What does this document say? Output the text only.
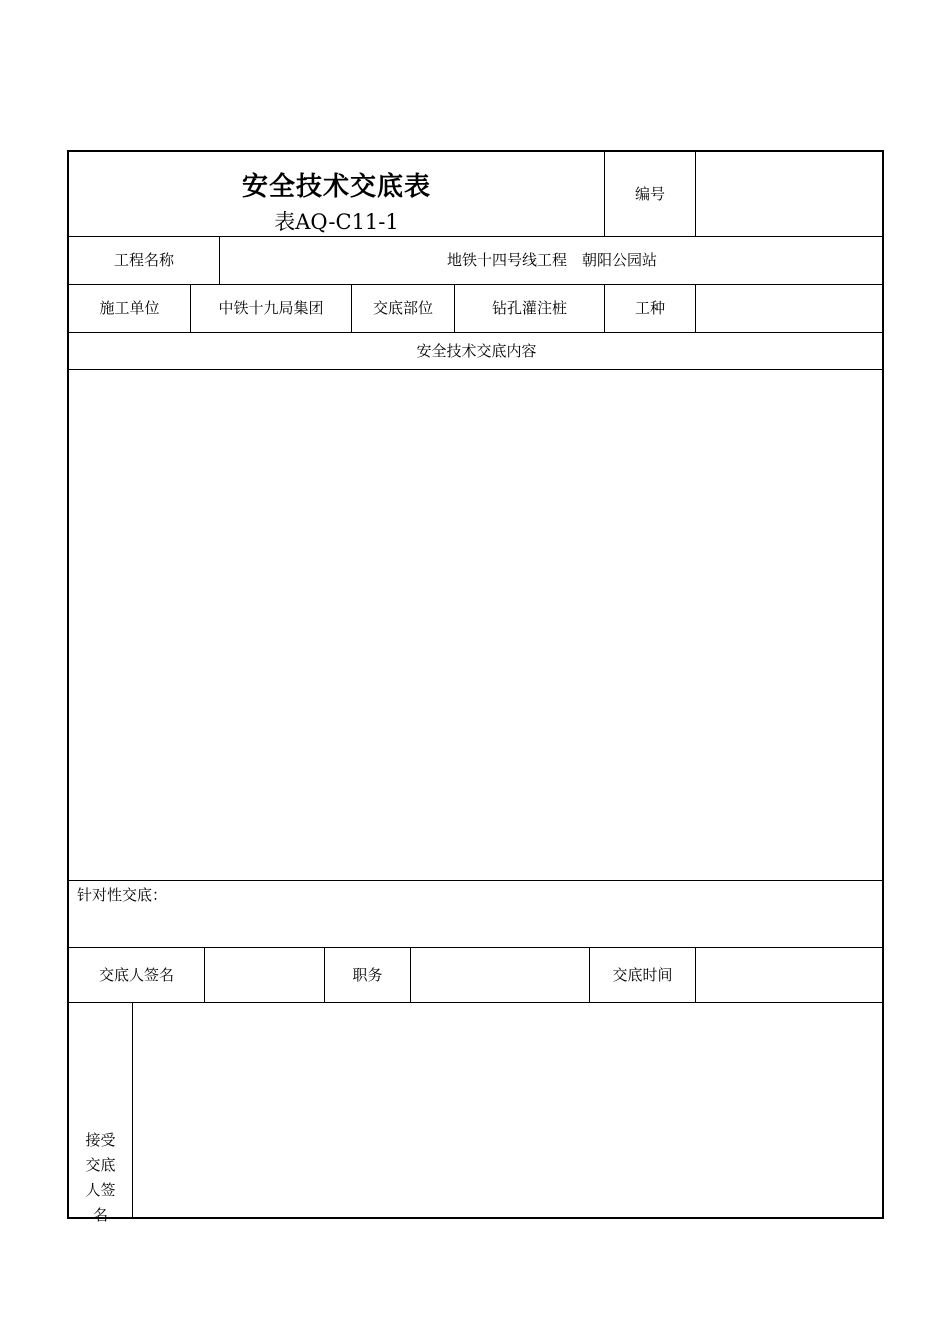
安全技术交底表
表AQ-C11-1
编号
工程名称	地铁十四号线工程　朝阳公园站
施工单位	中铁十九局集团	交底部位	钻孔灌注桩	工种
安全技术交底内容
针对性交底：
交底人签名	职务	交底时间
接受交底人签名
